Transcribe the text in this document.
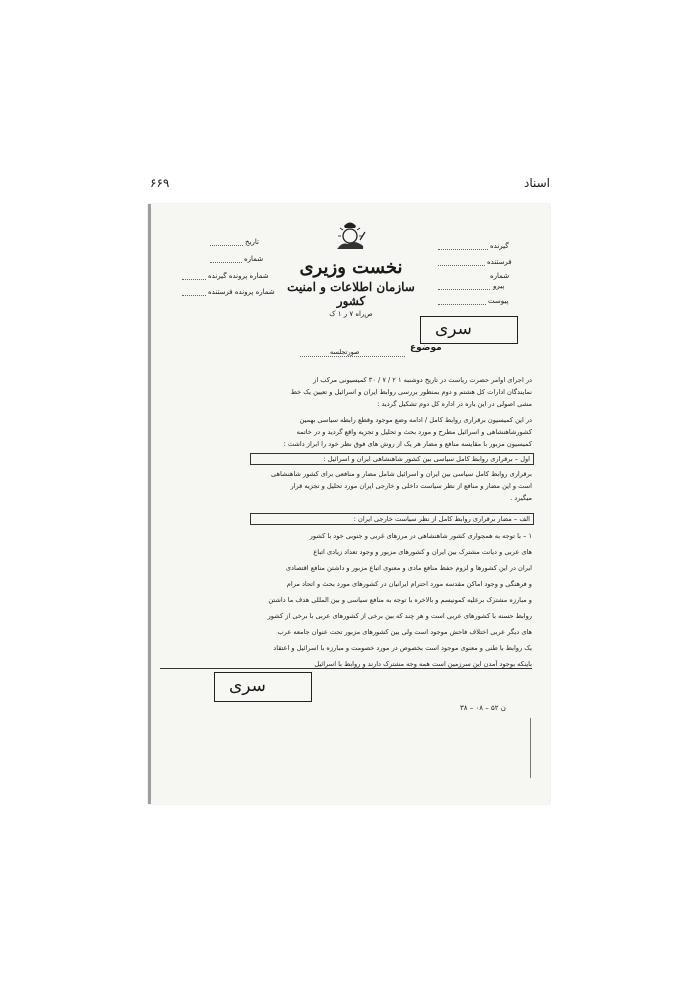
۶۶۹	اسناد
نخست وزیری
سازمان اطلاعات و امنیت کشور
ص‌ر‌ا‌ه ۷ ر ۱ ک
تاریخ
شماره
شماره پرونده گیرنده
شماره پرونده فرستنده
گیرنده
فرستنده
شماره
پیرو
پیوست
سری
موضوع
صورتجلسه
در اجرای اوامر حضرت ریاست در تاریخ دوشنبه ۱ ۲ / ۷ / ۳۰ کمیسیونی مرکب از
نمایندگان ادارات کل هشتم و دوم بمنظور بررسی روابط ایران و اسرائیل و تعیین یک خط
مشی اصولی در این باره در اداره کل دوم تشکیل گردید :
در این کمیسیون برقراری روابط کامل / ادامه وضع موجود وقطع رابطه سیاسی بهمین
کشورشاهنشاهی و اسرائیل مطرح و مورد بحث و تحلیل و تجزیه واقع گردید و در خاتمه
کمیسیون مزبور با مقایسه منافع و مضار هر یک از روش های فوق نظر خود را ابراز داشت :
اول – برقراری روابط کامل سیاسی بین کشور شاهنشاهی ایران و اسرائیل :
برقراری روابط کامل سیاسی بین ایران و اسرائیل شامل مضار و منافعی برای کشور شاهنشاهی
است و این مضار و منافع از نظر سیاست داخلی و خارجی ایران مورد تحلیل و تجزیه قرار
میگیرد .
الف – مضار برقراری روابط کامل از نظر سیاست خارجی ایران :
۱ – با توجه به همجواری کشور شاهنشاهی در مرزهای غربی و جنوبی خود با کشور
های عربی و دیانت مشترک بین ایران و کشورهای مزبور و وجود تعداد زیادی اتباع
ایران در این کشورها و لزوم حفظ منافع مادی و معنوی اتباع مزبور و داشتن منافع اقتصادی
و فرهنگی و وجود اماکن مقدسه مورد احترام ایرانیان در کشورهای مورد بحث و اتحاد مرام
و مبارزه مشترک برعلیه کمونیسم و بالاخره با توجه به منافع سیاسی و بین المللی هدف ما داشتن
روابط حسنه با کشورهای عربی است و هر چند که بین برخی از کشورهای عربی با برخی از کشور
های دیگر عربی اختلاف فاحش موجود است ولی بین کشورهای مزبور تحت عنوان جامعه عرب
یک روابط با طنی و معنوی موجود است بخصوص در مورد خصومت و مبارزه با اسرائیل و اعتقاد
باینکه بوجود آمدن این سرزمین است همه وجه مشترک دارند و روابط با اسرائیل
سری
۳۸ – ۰۸ – ۵۲ ن
